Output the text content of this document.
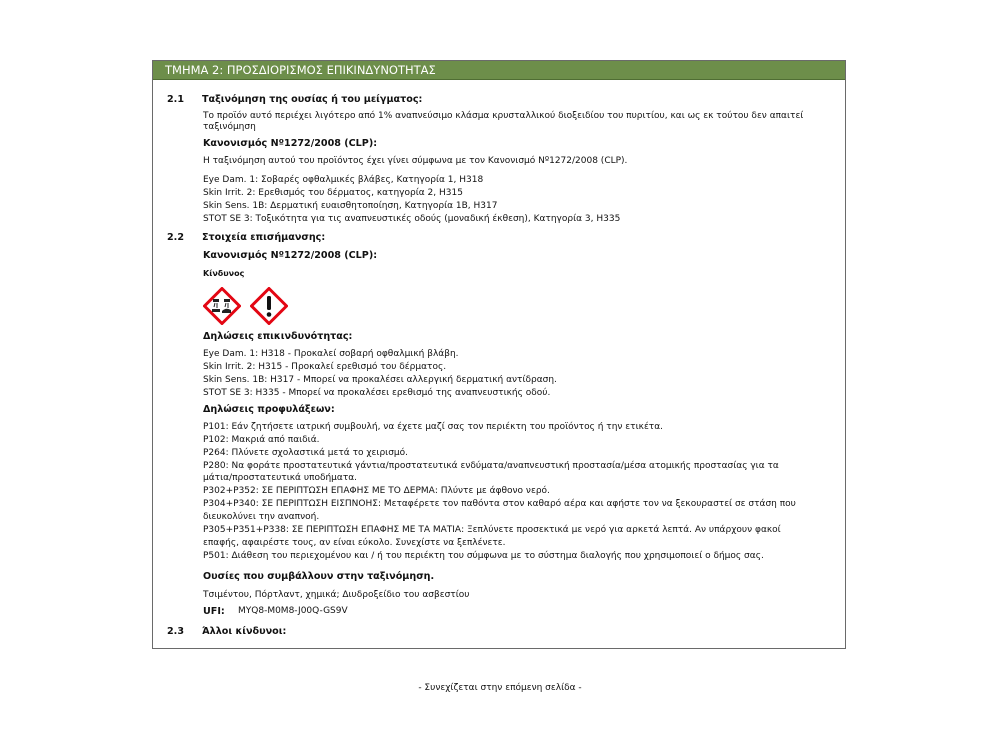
ΤΜΗΜΑ 2: ΠΡΟΣΔΙΟΡΙΣΜΟΣ ΕΠΙΚΙΝΔΥΝΟΤΗΤΑΣ
2.1 Ταξινόμηση της ουσίας ή του μείγματος:
Το προϊόν αυτό περιέχει λιγότερο από 1% αναπνεύσιμο κλάσμα κρυσταλλικού διοξειδίου του πυριτίου, και ως εκ τούτου δεν απαιτεί
ταξινόμηση
Κανονισμός Nº1272/2008 (CLP):
Η ταξινόμηση αυτού του προϊόντος έχει γίνει σύμφωνα με τον Κανονισμό Nº1272/2008 (CLP).
Eye Dam. 1: Σοβαρές οφθαλμικές βλάβες, Κατηγορία 1, H318
Skin Irrit. 2: Ερεθισμός του δέρματος, κατηγορία 2, H315
Skin Sens. 1B: Δερματική ευαισθητοποίηση, Κατηγορία 1B, H317
STOT SE 3: Τοξικότητα για τις αναπνευστικές οδούς (μοναδική έκθεση), Κατηγορία 3, H335
2.2 Στοιχεία επισήμανσης:
Κανονισμός Nº1272/2008 (CLP):
Κίνδυνος
Δηλώσεις επικινδυνότητας:
Eye Dam. 1: H318 - Προκαλεί σοβαρή οφθαλμική βλάβη.
Skin Irrit. 2: H315 - Προκαλεί ερεθισμό του δέρματος.
Skin Sens. 1B: H317 - Μπορεί να προκαλέσει αλλεργική δερματική αντίδραση.
STOT SE 3: H335 - Μπορεί να προκαλέσει ερεθισμό της αναπνευστικής οδού.
Δηλώσεις προφυλάξεων:
P101: Εάν ζητήσετε ιατρική συμβουλή, να έχετε μαζί σας τον περιέκτη του προϊόντος ή την ετικέτα.
P102: Μακριά από παιδιά.
P264: Πλύνετε σχολαστικά μετά το χειρισμό.
P280: Να φοράτε προστατευτικά γάντια/προστατευτικά ενδύματα/αναπνευστική προστασία/μέσα ατομικής προστασίας για τα
μάτια/προστατευτικά υποδήματα.
P302+P352: ΣΕ ΠΕΡΙΠΤΩΣΗ ΕΠΑΦΗΣ ΜΕ ΤΟ ΔΕΡΜΑ: Πλύντε με άφθονο νερό.
P304+P340: ΣΕ ΠΕΡΙΠΤΩΣΗ ΕΙΣΠΝΟΗΣ: Μεταφέρετε τον παθόντα στον καθαρό αέρα και αφήστε τον να ξεκουραστεί σε στάση που
διευκολύνει την αναπνοή.
P305+P351+P338: ΣΕ ΠΕΡΙΠΤΩΣΗ ΕΠΑΦΗΣ ΜΕ ΤΑ ΜΑΤΙΑ: Ξεπλύνετε προσεκτικά με νερό για αρκετά λεπτά. Αν υπάρχουν φακοί
επαφής, αφαιρέστε τους, αν είναι εύκολο. Συνεχίστε να ξεπλένετε.
P501: Διάθεση του περιεχομένου και / ή του περιέκτη του σύμφωνα με το σύστημα διαλογής που χρησιμοποιεί ο δήμος σας.
Ουσίες που συμβάλλουν στην ταξινόμηση.
Τσιμέντου, Πόρτλαντ, χημικά; Διυδροξείδιο του ασβεστίου
UFI: MYQ8-M0M8-J00Q-GS9V
2.3 Άλλοι κίνδυνοι:
- Συνεχίζεται στην επόμενη σελίδα -
